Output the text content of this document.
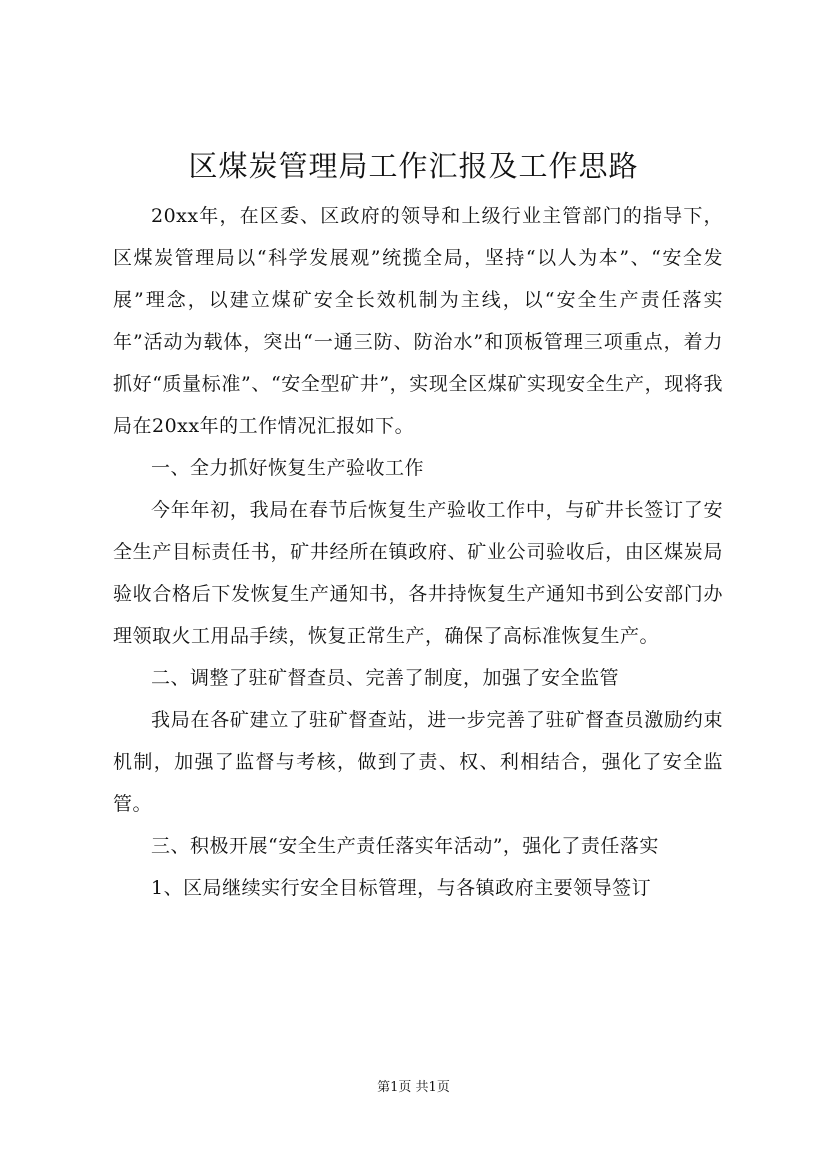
区煤炭管理局工作汇报及工作思路

20xx年，在区委、区政府的领导和上级行业主管部门的指导下，区煤炭管理局以“科学发展观”统揽全局，坚持“以人为本”、“安全发展”理念，以建立煤矿安全长效机制为主线，以“安全生产责任落实年”活动为载体，突出“一通三防、防治水”和顶板管理三项重点，着力抓好“质量标准”、“安全型矿井”，实现全区煤矿实现安全生产，现将我局在20xx年的工作情况汇报如下。

一、全力抓好恢复生产验收工作

今年年初，我局在春节后恢复生产验收工作中，与矿井长签订了安全生产目标责任书，矿井经所在镇政府、矿业公司验收后，由区煤炭局验收合格后下发恢复生产通知书，各井持恢复生产通知书到公安部门办理领取火工用品手续，恢复正常生产，确保了高标准恢复生产。

二、调整了驻矿督查员、完善了制度，加强了安全监管

我局在各矿建立了驻矿督查站，进一步完善了驻矿督查员激励约束机制，加强了监督与考核，做到了责、权、利相结合，强化了安全监管。

三、积极开展“安全生产责任落实年活动”，强化了责任落实

1、区局继续实行安全目标管理，与各镇政府主要领导签订

第1页 共1页
